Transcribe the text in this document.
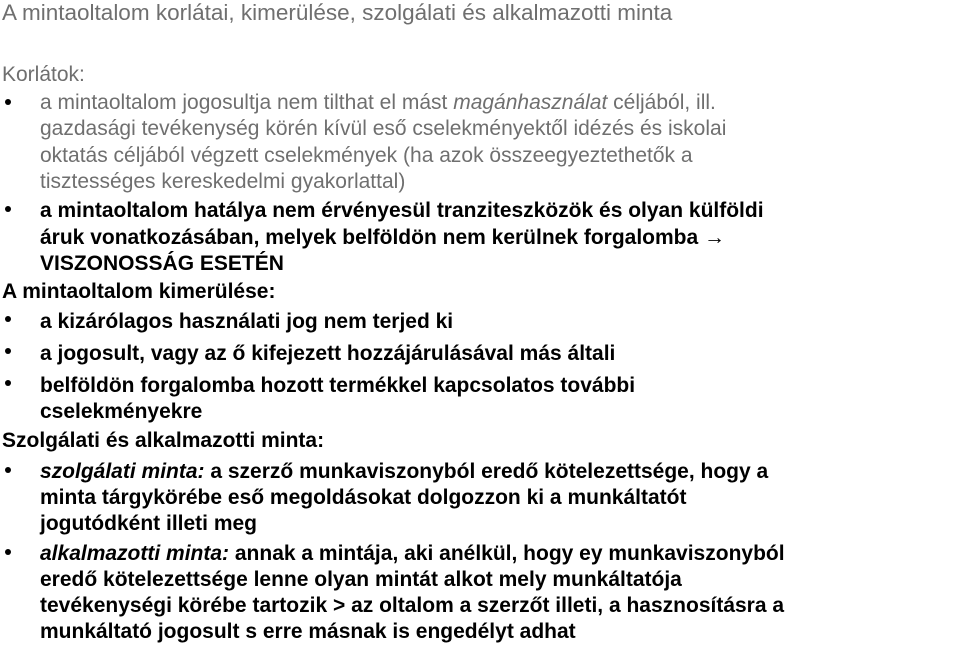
A mintaoltalom korlátai, kimerülése, szolgálati és alkalmazotti minta
Korlátok:
a mintaoltalom jogosultja nem tilthat el mást magánhasználat céljából, ill.
gazdasági tevékenység körén kívül eső cselekményektől idézés és iskolai
oktatás céljából végzett cselekmények (ha azok összeegyeztethetők a
tisztességes kereskedelmi gyakorlattal)
a mintaoltalom hatálya nem érvényesül tranziteszközök és olyan külföldi
áruk vonatkozásában, melyek belföldön nem kerülnek forgalomba →
VISZONOSSÁG ESETÉN
A mintaoltalom kimerülése:
a kizárólagos használati jog nem terjed ki
a jogosult, vagy az ő kifejezett hozzájárulásával más általi
belföldön forgalomba hozott termékkel kapcsolatos további
cselekményekre
Szolgálati és alkalmazotti minta:
szolgálati minta: a szerző munkaviszonyból eredő kötelezettsége, hogy a
minta tárgykörébe eső megoldásokat dolgozzon ki a munkáltatót
jogutódként illeti meg
alkalmazotti minta: annak a mintája, aki anélkül, hogy ey munkaviszonyból
eredő kötelezettsége lenne olyan mintát alkot mely munkáltatója
tevékenységi körébe tartozik > az oltalom a szerzőt illeti, a hasznosításra a
munkáltató jogosult s erre másnak is engedélyt adhat
